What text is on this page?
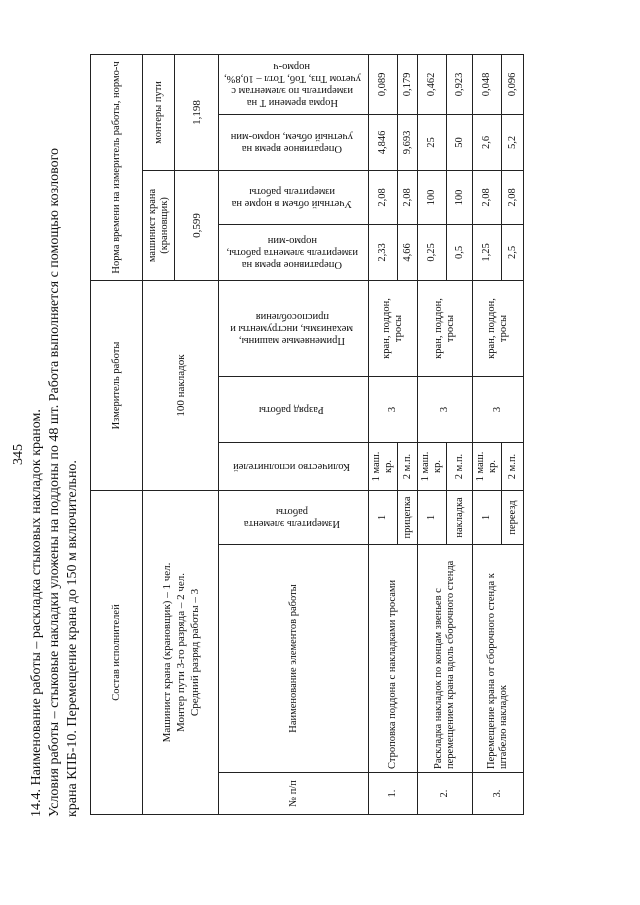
345 14.4. Наименование работы – раскладка стыковых накладок краном. Условия работы – стыковые накладки уложены на поддоны по 48 шт. Работа выполняется с помощью козлового крана КПБ-10. Перемещение крана до 150 м включительно.	Состав исполнителей			Измеритель работы			Норма времени на измеритель работы, нормо-ч			

Машинист крана (крановщик) – 1 чел. Монтер пути 3-го разряда – 2 чел. Средний разряд работы – 3			100 накладок			машинист крана (крановщик)		монтеры пути	
						0,599		1,198	
№ п/п	Наименование элементов работы	Измеритель элемента работы	Количество исполнителей	Разряд работы	Применяемые машины, механизмы, инструменты и приспособления	Оперативное время на измеритель элемента работы, нормо-мин	Учетный объем в норме на измеритель работы	Оперативное время на учетный объем, нормо-мин	Норма времени Т на измеритель по элементам с учетом Тпз, Тоб, Тотл – 10,8%, нормо-ч
1.	Строповка поддона с накладками тросами	1	1 маш. кр.	3	кран, поддон, тросы	2,33	2,08	4,846	0,089
		прицепка	2 м.п.			4,66	2,08	9,693	0,179
2.	Раскладка накладок по концам звеньев с перемещением крана вдоль сборочного стенда	1	1 маш. кр.	3	кран, поддон, тросы	0,25	100	25	0,462
		накладка	2 м.п.			0,5	100	50	0,923
3.	Перемещение крана от сборочного стенда к штабелю накладок	1	1 маш. кр.	3	кран, поддон, тросы	1,25	2,08	2,6	0,048
		переезд	2 м.п.			2,5	2,08	5,2	0,096
